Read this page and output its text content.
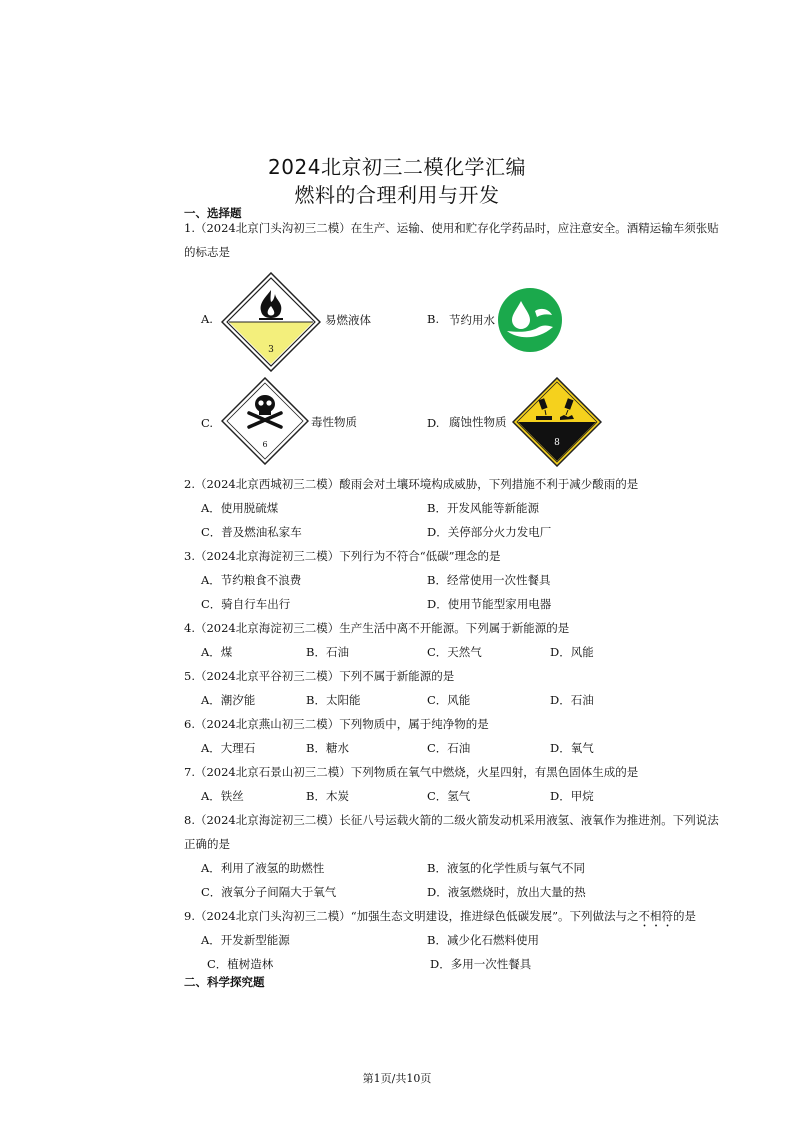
2024北京初三二模化学汇编
燃料的合理利用与开发
一、选择题
1.（2024北京门头沟初三二模）在生产、运输、使用和贮存化学药品时，应注意安全。酒精运输车须张贴
的标志是
A.
3
易燃液体	B. 节约用水
C.
6
毒性物质	D. 腐蚀性物质
8
2.（2024北京西城初三二模）酸雨会对土壤环境构成威胁，下列措施不利于减少酸雨的是
A．使用脱硫煤	B．开发风能等新能源
C．普及燃油私家车	D．关停部分火力发电厂
3.（2024北京海淀初三二模）下列行为不符合“低碳”理念的是
A．节约粮食不浪费	B．经常使用一次性餐具
C．骑自行车出行	D．使用节能型家用电器
4.（2024北京海淀初三二模）生产生活中离不开能源。下列属于新能源的是
A．煤	B．石油	C．天然气	D．风能
5.（2024北京平谷初三二模）下列不属于新能源的是
A．潮汐能	B．太阳能	C．风能	D．石油
6.（2024北京燕山初三二模）下列物质中，属于纯净物的是
A．大理石	B．糖水	C．石油	D．氧气
7.（2024北京石景山初三二模）下列物质在氧气中燃烧，火星四射，有黑色固体生成的是
A．铁丝	B．木炭	C．氢气	D．甲烷
8.（2024北京海淀初三二模）长征八号运载火箭的二级火箭发动机采用液氢、液氧作为推进剂。下列说法
正确的是
A．利用了液氢的助燃性	B．液氢的化学性质与氧气不同
C．液氧分子间隔大于氧气	D．液氢燃烧时，放出大量的热
9.（2024北京门头沟初三二模）“加强生态文明建设，推进绿色低碳发展”。下列做法与之不相符的是
A．开发新型能源	B．减少化石燃料使用
C．植树造林	D．多用一次性餐具
二、科学探究题
第1页/共10页
